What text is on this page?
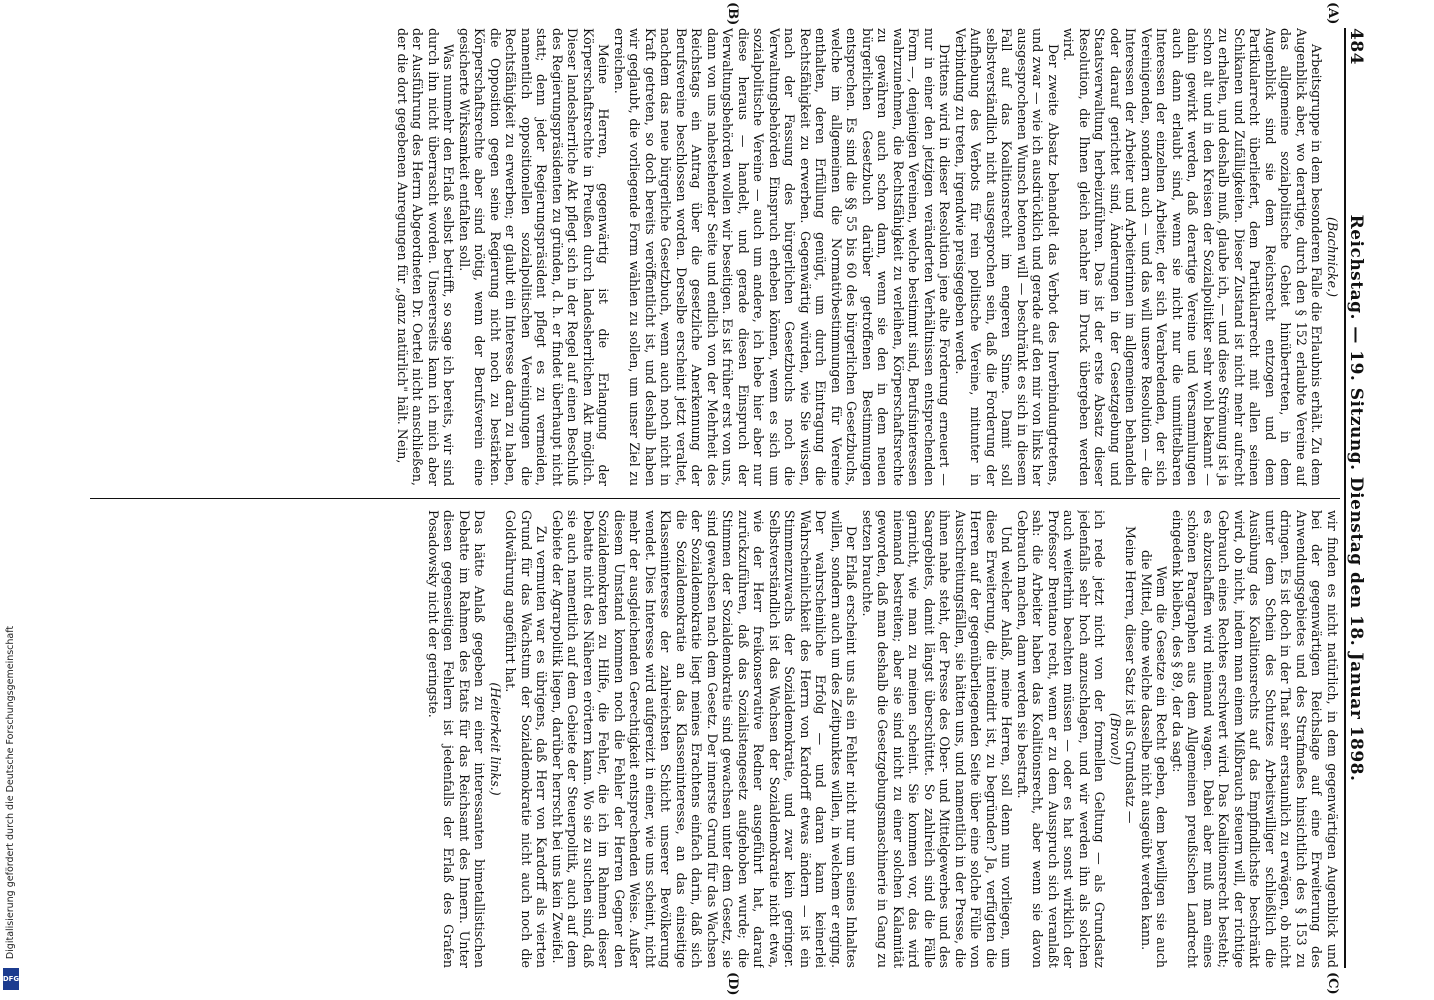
484
Reichstag. — 19. Sitzung. Dienstag den 18. Januar 1898.
(A)
(B)
(C)
(D)

(Bachnicke.)

Arbeitsgruppe in dem besonderen Falle die Erlaubnis erhält. Zu dem Augenblick aber, wo derartige, durch den § 152 erlaubte Vereine auf das allgemeine sozialpolitische Gebiet hinübertreten, in dem Augenblick sind sie dem Reichsrecht entzogen und dem Partikularrecht überliefert, dem Partikularrecht mit allen seinen Schikanen und Zufälligkeiten. Dieser Zustand ist nicht mehr aufrecht zu erhalten, und deshalb muß, glaube ich, — und diese Strömung ist ja schon alt und in den Kreisen der Sozialpolitiker sehr wohl bekannt — dahin gewirkt werden, daß derartige Vereine und Versammlungen auch dann erlaubt sind, wenn sie nicht nur die unmittelbaren Interessen der einzelnen Arbeiter, der sich Verabredenden, der sich Vereinigenden, sondern auch — und das will unsere Resolution — die Interessen der Arbeiter und Arbeiterinnen im allgemeinen behandeln oder darauf gerichtet sind, Änderungen in der Gesetzgebung und Staatsverwaltung herbeizuführen. Das ist der erste Absatz dieser Resolution, die Ihnen gleich nachher im Druck übergeben werden wird.

Der zweite Absatz behandelt das Verbot des Inverbindungtretens, und zwar — wie ich ausdrücklich und gerade auf den mir von links her ausgesprochenen Wunsch betonen will — beschränkt es sich in diesem Fall auf das Koalitionsrecht im engeren Sinne. Damit soll selbstverständlich nicht ausgesprochen sein, daß die Forderung der Aufhebung des Verbots für rein politische Vereine, mitunter in Verbindung zu treten, irgendwie preisgegeben werde.

Drittens wird in dieser Resolution jene alte Forderung erneuert — nur in einer den jetzigen veränderten Verhältnissen entsprechenden Form —, denjenigen Vereinen, welche bestimmt sind, Berufsinteressen wahrzunehmen, die Rechtsfähigkeit zu verleihen, Körperschaftsrechte zu gewähren auch schon dann, wenn sie den in dem neuen bürgerlichen Gesetzbuch darüber getroffenen Bestimmungen entsprechen. Es sind die §§ 55 bis 60 des bürgerlichen Gesetzbuchs, welche im allgemeinen die Normativbestimmungen für Vereine enthalten, deren Erfüllung genügt, um durch Eintragung die Rechtsfähigkeit zu erwerben. Gegenwärtig würden, wie Sie wissen, nach der Fassung des bürgerlichen Gesetzbuchs noch die Verwaltungsbehörden Einspruch erheben können, wenn es sich um sozialpolitische Vereine — auch um andere, ich hebe hier aber nur diese heraus — handelt, und gerade diesen Einspruch der Verwaltungsbehörden wollen wir beseitigen. Es ist früher erst von uns, dann von uns nahestehender Seite und endlich von der Mehrheit des Reichstags ein Antrag über die gesetzliche Anerkennung der Berufsvereine beschlossen worden. Derselbe erscheint jetzt veraltet, nachdem das neue bürgerliche Gesetzbuch, wenn auch noch nicht in Kraft getreten, so doch bereits veröffentlicht ist, und deshalb haben wir geglaubt, die vorliegende Form wählen zu sollen, um unser Ziel zu erreichen.

Meine Herren, gegenwärtig ist die Erlangung der Körperschaftsrechte in Preußen durch landesherrlichen Akt möglich. Dieser landesherrliche Akt pflegt sich in der Regel auf einen Beschluß des Regierungspräsidenten zu gründen, d. h. er findet überhaupt nicht statt; denn jeder Regierungspräsident pflegt es zu vermeiden, namentlich oppositionellen sozialpolitischen Vereinigungen die Rechtsfähigkeit zu erwerben; er glaubt ein Interesse daran zu haben, die Opposition gegen seine Regierung nicht noch zu bestärken. Körperschaftsrechte aber sind nötig, wenn der Berufsverein eine gesicherte Wirksamkeit entfalten soll.

Was nunmehr den Erlaß selbst betrifft, so sage ich bereits, wir sind durch ihn nicht überrascht worden. Unsererseits kann ich mich aber der Ausführung des Herrn Abgeordneten Dr. Oertel nicht anschließen, der die dort gegebenen Anregungen für „ganz natürlich" hält. Nein,

wir finden es nicht natürlich, in dem gegenwärtigen Augenblick und bei der gegenwärtigen Reichslage auf eine Erweiterung des Anwendungsgebietes und des Strafmaßes hinsichtlich des § 153 zu dringen. Es ist doch in der That sehr erstaunlich zu erwägen, ob nicht unter dem Schein des Schutzes Arbeitswilliger schließlich die Ausübung des Koalitionsrechts auf das Empfindlichste beschränkt wird, ob nicht, indem man einem Mißbrauch steuern will, der richtige Gebrauch eines Rechtes erschwert wird. Das Koalitionsrecht besteht; es abzuschaffen wird niemand wagen. Dabei aber muß man eines schönen Paragraphen aus dem Allgemeinen preußischen Landrecht eingedenk bleiben, des § 89, der da sagt:

Wem die Gesetze ein Recht geben, dem bewilligen sie auch die Mittel, ohne welche dasselbe nicht ausgeübt werden kann.

Meine Herren, dieser Satz ist als Grundsatz —

(Bravo!)

ich rede jetzt nicht von der formellen Geltung — als Grundsatz jedenfalls sehr hoch anzuschlagen, und wir werden ihn als solchen auch weiterhin beachten müssen — oder es hat sonst wirklich der Professor Brentano recht, wenn er zu dem Ausspruch sich veranlaßt sah: die Arbeiter haben das Koalitionsrecht, aber wenn sie davon Gebrauch machen, dann werden sie bestraft.

Und welcher Anlaß, meine Herren, soll denn nun vorliegen, um diese Erweiterung, die intendirt ist, zu begründen? Ja, verfügten die Herren auf der gegenüberliegenden Seite über eine solche Fülle von Ausschreitungsfällen, sie hätten uns, und namentlich in der Presse, die ihnen nahe steht, der Presse des Ober- und Mittelgewerbes und des Saargebiets, damit längst überschüttet. So zahlreich sind die Fälle garnicht, wie man zu meinen scheint. Sie kommen vor, das wird niemand bestreiten; aber sie sind nicht zu einer solchen Kalamität geworden, daß man deshalb die Gesetzgebungsmaschinerie in Gang zu setzen brauchte.

Der Erlaß erscheint uns als ein Fehler nicht nur um seines Inhaltes willen, sondern auch um des Zeitpunktes willen, in welchem er erging. Der wahrscheinliche Erfolg — und daran kann keinerlei Wahrscheinlichkeit des Herrn von Kardorff etwas ändern — ist ein Stimmenzuwachs der Sozialdemokratie, und zwar kein geringer. Selbstverständlich ist das Wachsen der Sozialdemokratie nicht etwa, wie der Herr freikonservative Redner ausgeführt hat, darauf zurückzuführen, daß das Sozialistengesetz aufgehoben wurde; die Stimmen der Sozialdemokratie sind gewachsen unter dem Gesetz, sie sind gewachsen nach dem Gesetz. Der innerste Grund für das Wachsen der Sozialdemokratie liegt meines Erachtens einfach darin, daß sich die Sozialdemokratie an das Klasseninteresse, an das einseitige Klasseninteresse der zahlreichsten Schicht unserer Bevölkerung wendet. Dies Interesse wird aufgereizt in einer, wie uns scheint, nicht mehr der ausgleichenden Gerechtigkeit entsprechenden Weise. Außer diesem Umstand kommen noch die Fehler der Herren Gegner den Sozialdemokraten zu Hilfe, die Fehler, die ich im Rahmen dieser Debatte nicht des Näheren erörtern kann. Wo sie zu suchen sind, daß sie auch namentlich auf dem Gebiete der Steuerpolitik, auch auf dem Gebiete der Agrarpolitik liegen, darüber herrscht bei uns kein Zweifel.

Zu vermuten war es übrigens, daß Herr von Kardorff als vierten Grund für das Wachstum der Sozialdemokratie nicht auch noch die Goldwährung angeführt hat.

(Heiterkeit links.)

Das hätte Anlaß gegeben zu einer interessanten bimetallistischen Debatte im Rahmen des Etats für das Reichsamt des Innern. Unter diesen gegenseitigen Fehlern ist jedenfalls der Erlaß des Grafen Posadowsky nicht der geringste.

Digitalisierung gefördert durch die Deutsche Forschungsgemeinschaft
DFG
